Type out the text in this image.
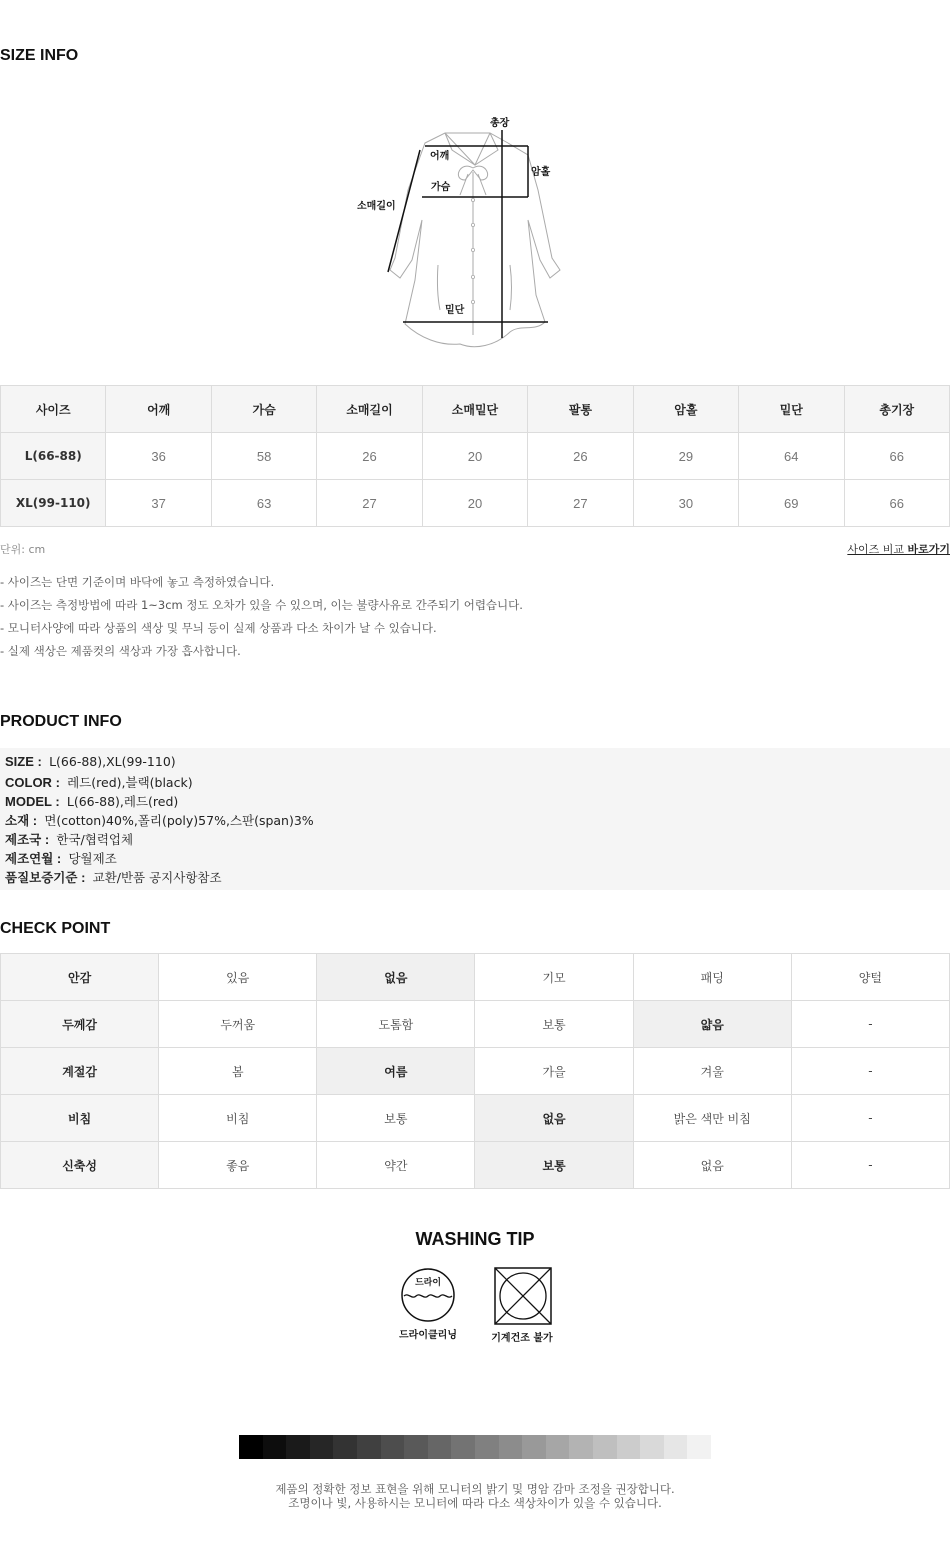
SIZE INFO
총장
어깨
가슴
암홀
소매길이
밑단
사이즈	어깨	가슴	소매길이	소매밑단	팔통	암홀	밑단	총기장
L(66-88)	36	58	26	20	26	29	64	66
XL(99-110)	37	63	27	20	27	30	69	66
단위: cm	사이즈 비교 바로가기
- 사이즈는 단면 기준이며 바닥에 놓고 측정하였습니다.
- 사이즈는 측정방법에 따라 1~3cm 정도 오차가 있을 수 있으며, 이는 불량사유로 간주되기 어렵습니다.
- 모니터사양에 따라 상품의 색상 및 무늬 등이 실제 상품과 다소 차이가 날 수 있습니다.
- 실제 색상은 제품컷의 색상과 가장 흡사합니다.
PRODUCT INFO
SIZE :  L(66-88),XL(99-110)
COLOR :  레드(red),블랙(black)
MODEL :  L(66-88),레드(red)
소재 :  면(cotton)40%,폴리(poly)57%,스판(span)3%
제조국 :  한국/협력업체
제조연월 :  당월제조
품질보증기준 :  교환/반품 공지사항참조
CHECK POINT
안감	있음	없음	기모	패딩	양털
두께감	두꺼움	도톰함	보통	얇음	-
계절감	봄	여름	가을	겨울	-
비침	비침	보통	없음	밝은 색만 비침	-
신축성	좋음	약간	보통	없음	-
WASHING TIP
드라이
드라이클리닝	기계건조 불가
제품의 정확한 정보 표현을 위해 모니터의 밝기 및 명암 감마 조정을 권장합니다.
조명이나 빛, 사용하시는 모니터에 따라 다소 색상차이가 있을 수 있습니다.
